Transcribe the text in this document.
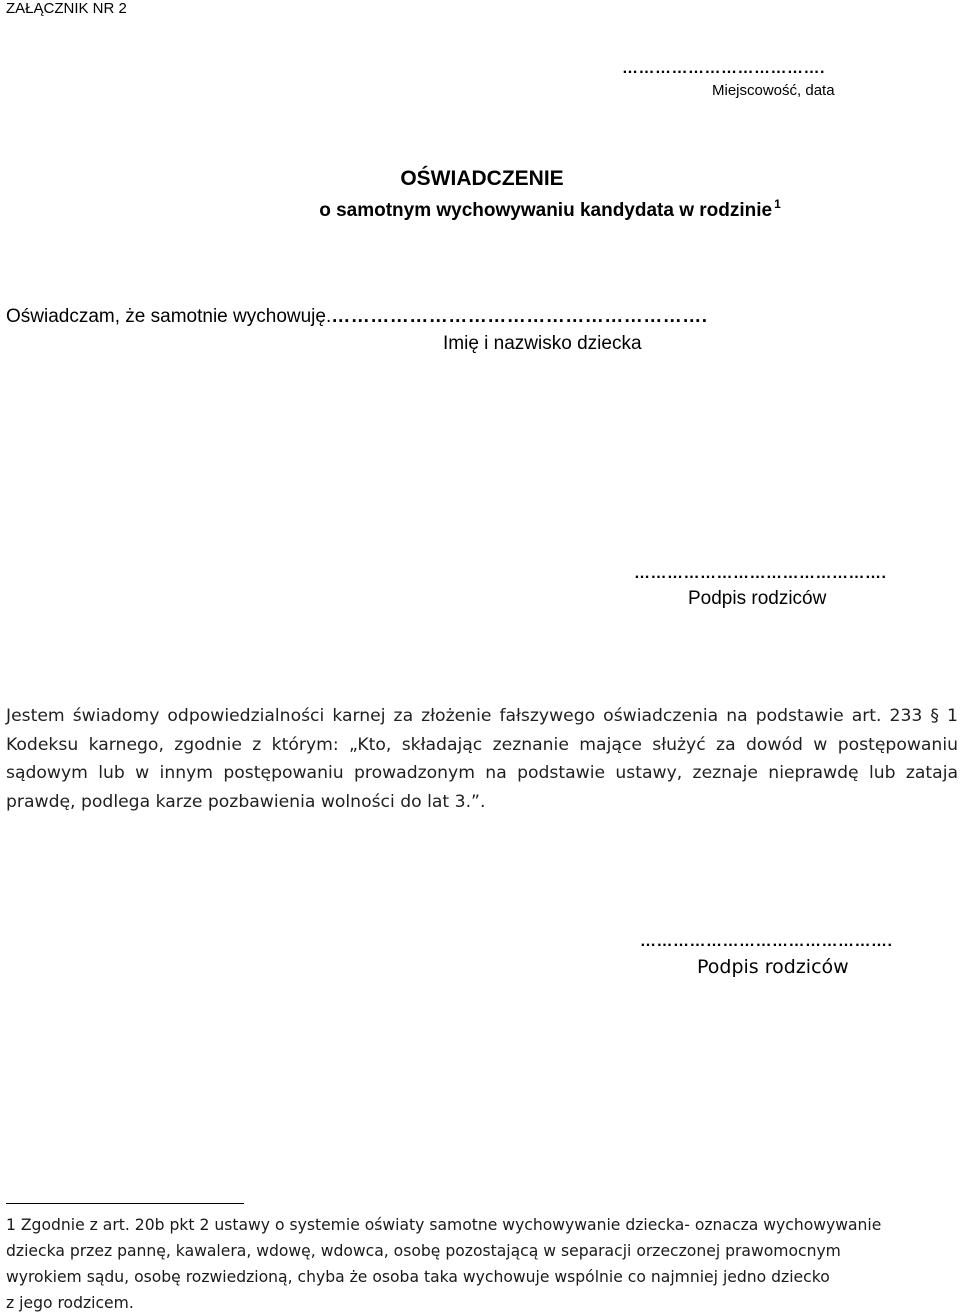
ZAŁĄCZNIK NR 2
……………………………….
Miejscowość, data
OŚWIADCZENIE
o samotnym wychowywaniu kandydata w rodzinie $^1$
Oświadczam, że samotnie wychowuję.………………………………………………….
Imię i nazwisko dziecka
……………………………………….
Podpis rodziców
Jestem świadomy odpowiedzialności karnej za złożenie fałszywego oświadczenia na podstawie art. 233 § 1 Kodeksu karnego, zgodnie z którym: „Kto, składając zeznanie mające służyć za dowód w postępowaniu sądowym lub w innym postępowaniu prowadzonym na podstawie ustawy, zeznaje nieprawdę lub zataja prawdę, podlega karze pozbawienia wolności do lat 3.”.
……………………………………….
Podpis rodziców
1 Zgodnie z art. 20b pkt 2 ustawy o systemie oświaty samotne wychowywanie dziecka- oznacza wychowywanie
dziecka przez pannę, kawalera, wdowę, wdowca, osobę pozostającą w separacji orzeczonej prawomocnym
wyrokiem sądu, osobę rozwiedzioną, chyba że osoba taka wychowuje wspólnie co najmniej jedno dziecko
z jego rodzicem.
